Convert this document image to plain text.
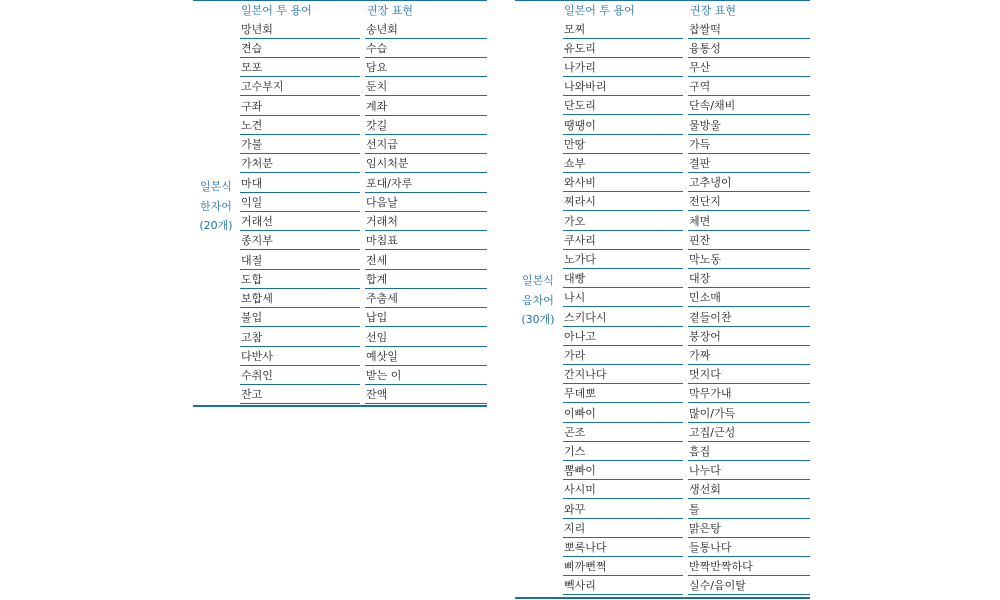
일본어 투 용어	권장 표현
일본식
한자어
(20개)
망년회	송년회
견습	수습
모포	담요
고수부지	둔치
구좌	계좌
노견	갓길
가불	선지급
가처분	임시처분
마대	포대/자루
익일	다음날
거래선	거래처
종지부	마침표
대절	전세
도합	합계
보합세	주춤세
불입	납입
고참	선임
다반사	예삿일
수취인	받는 이
잔고	잔액
일본어 투 용어	권장 표현
일본식
음차어
(30개)
모찌	찹쌀떡
유도리	융통성
나가리	무산
나와바리	구역
단도리	단속/채비
땡땡이	물방울
만땅	가득
쇼부	결판
와사비	고추냉이
찌라시	전단지
가오	체면
쿠사리	핀잔
노가다	막노동
대빵	대장
나시	민소매
스키다시	곁들이찬
아나고	붕장어
가라	가짜
간지나다	멋지다
무데뽀	막무가내
이빠이	많이/가득
곤조	고집/근성
기스	흠집
뽐빠이	나누다
사시미	생선회
와꾸	틀
지리	맑은탕
뽀록나다	들통나다
삐까뻔쩍	반짝반짝하다
뻭사리	실수/음이탈
